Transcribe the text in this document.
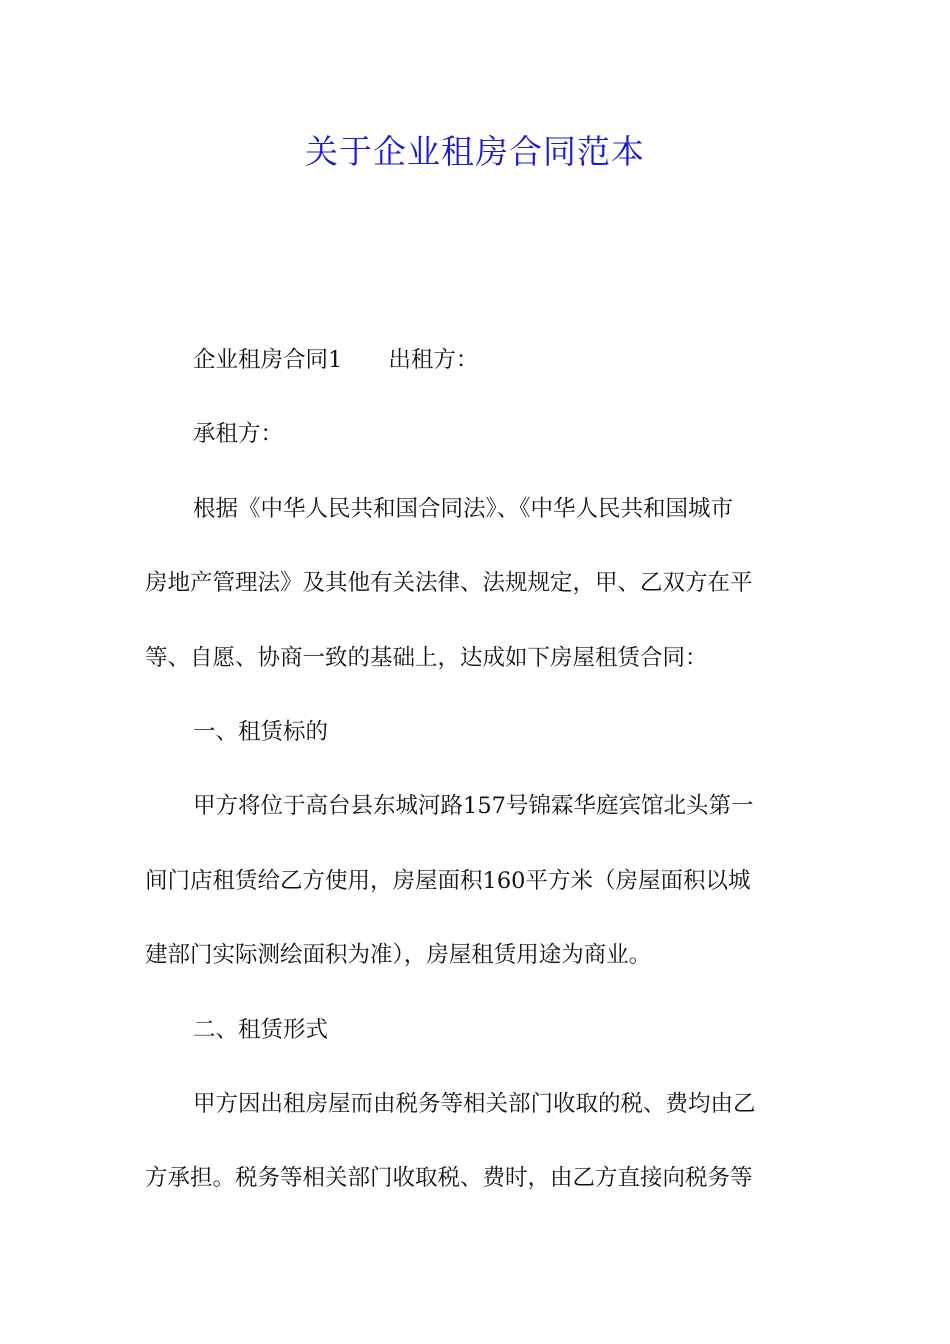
关于企业租房合同范本
企业租房合同1 出租方：
承租方：
根据《中华人民共和国合同法》、《中华人民共和国城市
房地产管理法》及其他有关法律、法规规定，甲、乙双方在平
等、自愿、协商一致的基础上，达成如下房屋租赁合同：
一、租赁标的
甲方将位于高台县东城河路157号锦霖华庭宾馆北头第一
间门店租赁给乙方使用，房屋面积160平方米（房屋面积以城
建部门实际测绘面积为准），房屋租赁用途为商业。
二、租赁形式
甲方因出租房屋而由税务等相关部门收取的税、费均由乙
方承担。税务等相关部门收取税、费时，由乙方直接向税务等
